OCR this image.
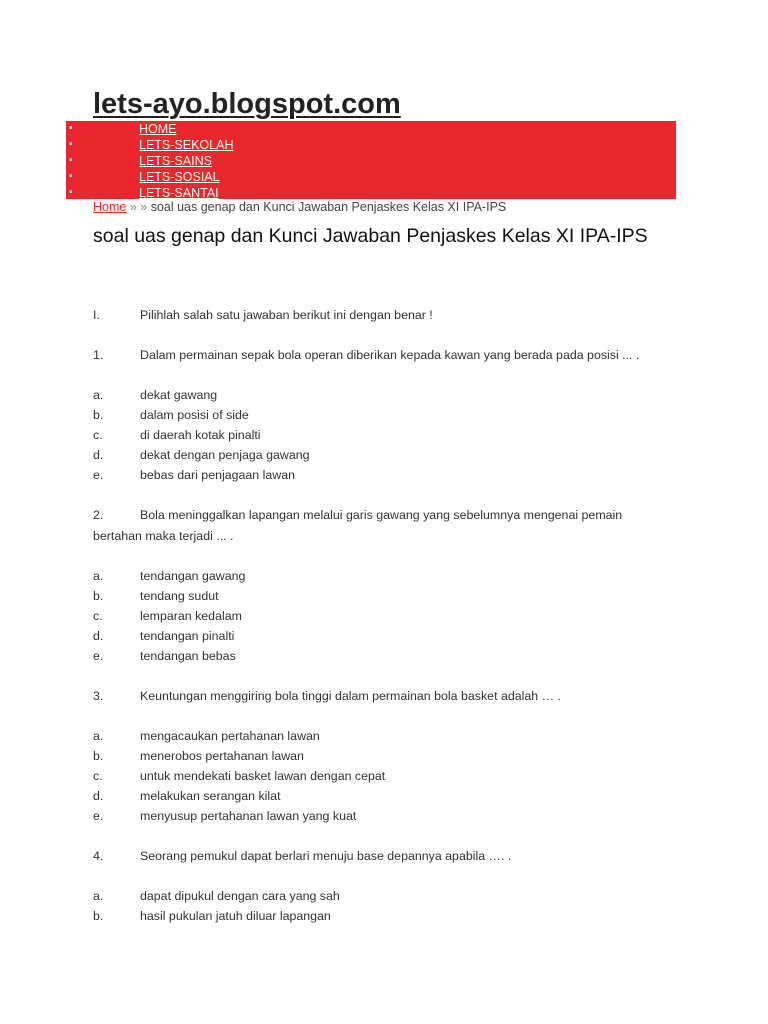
lets-ayo.blogspot.com
•	HOME
•	LETS-SEKOLAH
•	LETS-SAINS
•	LETS-SOSIAL
•	LETS-SANTAI
Home » » soal uas genap dan Kunci Jawaban Penjaskes Kelas XI IPA-IPS
soal uas genap dan Kunci Jawaban Penjaskes Kelas XI IPA-IPS
I.	Pilihlah salah satu jawaban berikut ini dengan benar !
1.	Dalam permainan sepak bola operan diberikan kepada kawan yang berada pada posisi ... .
a.	dekat gawang
b.	dalam posisi of side
c.	di daerah kotak pinalti
d.	dekat dengan penjaga gawang
e.	bebas dari penjagaan lawan
2.	Bola meninggalkan lapangan melalui garis gawang yang sebelumnya mengenai pemain
bertahan maka terjadi ... .
a.	tendangan gawang
b.	tendang sudut
c.	lemparan kedalam
d.	tendangan pinalti
e.	tendangan bebas
3.	Keuntungan menggiring bola tinggi dalam permainan bola basket adalah … .
a.	mengacaukan pertahanan lawan
b.	menerobos pertahanan lawan
c.	untuk mendekati basket lawan dengan cepat
d.	melakukan serangan kilat
e.	menyusup pertahanan lawan yang kuat
4.	Seorang pemukul dapat berlari menuju base depannya apabila …. .
a.	dapat dipukul dengan cara yang sah
b.	hasil pukulan jatuh diluar lapangan
